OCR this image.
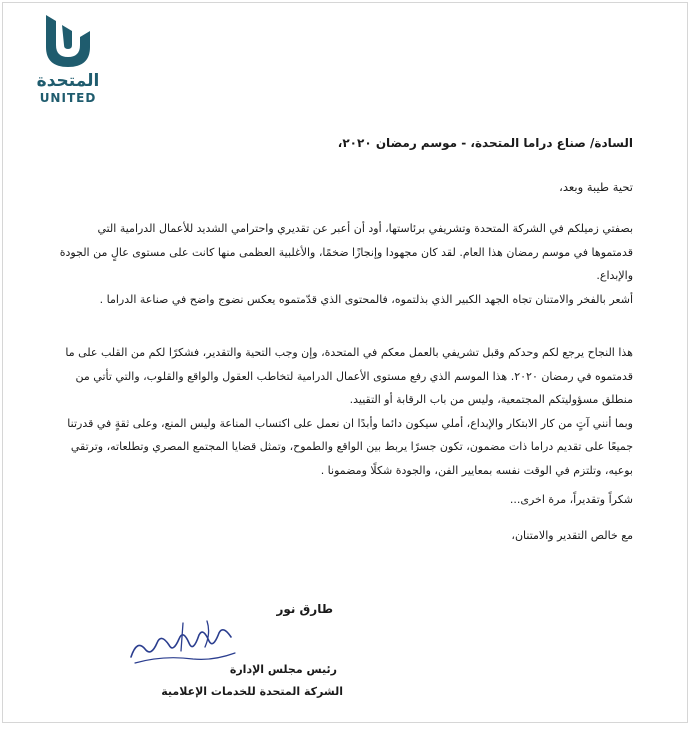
المتحدة
UNITED

السادة/ صناع دراما المتحدة، - موسم رمضان ٢٠٢٠،

تحية طيبة وبعد،

بصفتي زميلكم في الشركة المتحدة وتشريفي برئاستها، أود أن أعبر عن تقديري واحترامي الشديد للأعمال الدرامية التي قدمتموها في موسم رمضان هذا العام. لقد كان مجهودا وإنجازًا ضخمًا، والأغلبية العظمى منها كانت على مستوى عالٍ من الجودة والإبداع.

أشعر بالفخر والامتنان تجاه الجهد الكبير الذي بذلتموه، فالمحتوى الذي قدّمتموه يعكس نضوج واضح في صناعة الدراما .

هذا النجاح يرجع لكم وحدكم وقبل تشريفي بالعمل معكم في المتحدة، وإن وجب التحية والتقدير، فشكرًا لكم من القلب على ما قدمتموه في رمضان ٢٠٢٠. هذا الموسم الذي رفع مستوى الأعمال الدرامية لتخاطب العقول والواقع والقلوب، والتي تأتي من منطلق مسؤوليتكم المجتمعية، وليس من باب الرقابة أو التقييد.

وبما أنني آتٍ من كار الابتكار والإبداع، أملي سيكون دائما وأبدًا ان نعمل على اكتساب المناعة وليس المنع، وعلى ثقةٍ في قدرتنا جميعًا على تقديم دراما ذات مضمون، تكون جسرًا يربط بين الواقع والطموح، وتمثل قضايا المجتمع المصري وتطلعاته، وترتقي بوعيه، وتلتزم في الوقت نفسه بمعايير الفن، والجودة شكلًا ومضمونا .

شكراً وتقديراً، مرة اخرى...

مع خالص التقدير والامتنان،

طارق نور
رئيس مجلس الإدارة
الشركة المتحدة للخدمات الإعلامية
